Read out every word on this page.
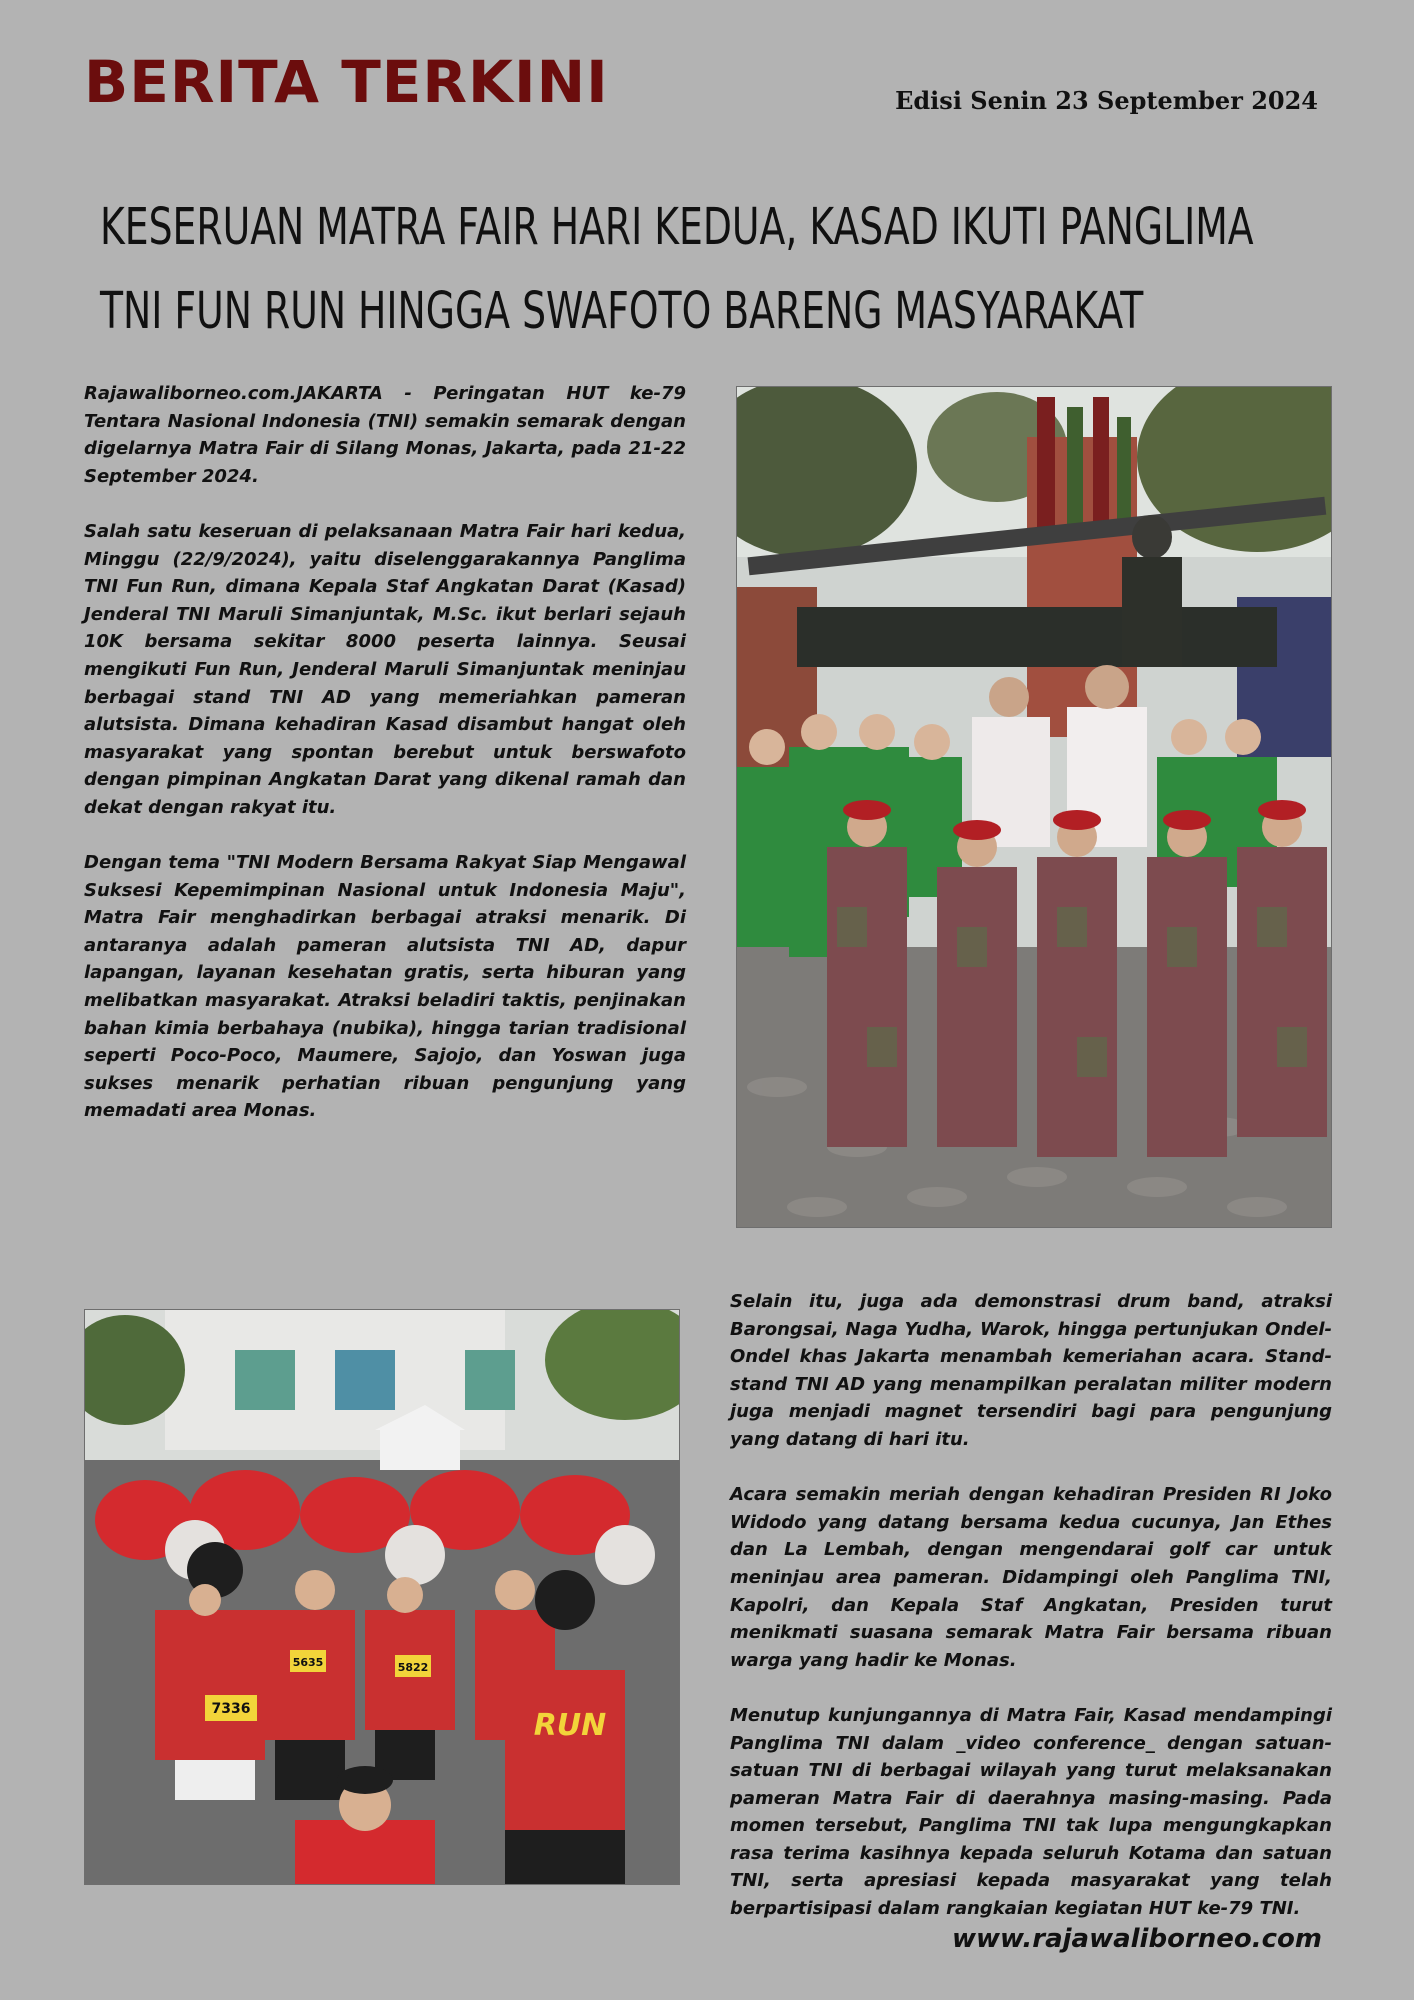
BERITA TERKINI	Edisi Senin 23 September 2024
KESERUAN MATRA FAIR HARI KEDUA, KASAD IKUTI PANGLIMA
TNI FUN RUN HINGGA SWAFOTO BARENG MASYARAKAT

Rajawaliborneo.com.JAKARTA - Peringatan HUT ke-79 Tentara Nasional Indonesia (TNI) semakin semarak dengan digelarnya Matra Fair di Silang Monas, Jakarta, pada 21-22 September 2024.

Salah satu keseruan di pelaksanaan Matra Fair hari kedua, Minggu (22/9/2024), yaitu diselenggarakannya Panglima TNI Fun Run, dimana Kepala Staf Angkatan Darat (Kasad) Jenderal TNI Maruli Simanjuntak, M.Sc. ikut berlari sejauh 10K bersama sekitar 8000 peserta lainnya. Seusai mengikuti Fun Run, Jenderal Maruli Simanjuntak meninjau berbagai stand TNI AD yang memeriahkan pameran alutsista. Dimana kehadiran Kasad disambut hangat oleh masyarakat yang spontan berebut untuk berswafoto dengan pimpinan Angkatan Darat yang dikenal ramah dan dekat dengan rakyat itu.

Dengan tema "TNI Modern Bersama Rakyat Siap Mengawal Suksesi Kepemimpinan Nasional untuk Indonesia Maju", Matra Fair menghadirkan berbagai atraksi menarik. Di antaranya adalah pameran alutsista TNI AD, dapur lapangan, layanan kesehatan gratis, serta hiburan yang melibatkan masyarakat. Atraksi beladiri taktis, penjinakan bahan kimia berbahaya (nubika), hingga tarian tradisional seperti Poco-Poco, Maumere, Sajojo, dan Yoswan juga sukses menarik perhatian ribuan pengunjung yang memadati area Monas.

7336
5635	5822
RUN

Selain itu, juga ada demonstrasi drum band, atraksi Barongsai, Naga Yudha, Warok, hingga pertunjukan Ondel-Ondel khas Jakarta menambah kemeriahan acara. Stand-stand TNI AD yang menampilkan peralatan militer modern juga menjadi magnet tersendiri bagi para pengunjung yang datang di hari itu.

Acara semakin meriah dengan kehadiran Presiden RI Joko Widodo yang datang bersama kedua cucunya, Jan Ethes dan La Lembah, dengan mengendarai golf car untuk meninjau area pameran. Didampingi oleh Panglima TNI, Kapolri, dan Kepala Staf Angkatan, Presiden turut menikmati suasana semarak Matra Fair bersama ribuan warga yang hadir ke Monas.

Menutup kunjungannya di Matra Fair, Kasad mendampingi Panglima TNI dalam _video conference_ dengan satuan-satuan TNI di berbagai wilayah yang turut melaksanakan pameran Matra Fair di daerahnya masing-masing. Pada momen tersebut, Panglima TNI tak lupa mengungkapkan rasa terima kasihnya kepada seluruh Kotama dan satuan TNI, serta apresiasi kepada masyarakat yang telah berpartisipasi dalam rangkaian kegiatan HUT ke-79 TNI.

www.rajawaliborneo.com
